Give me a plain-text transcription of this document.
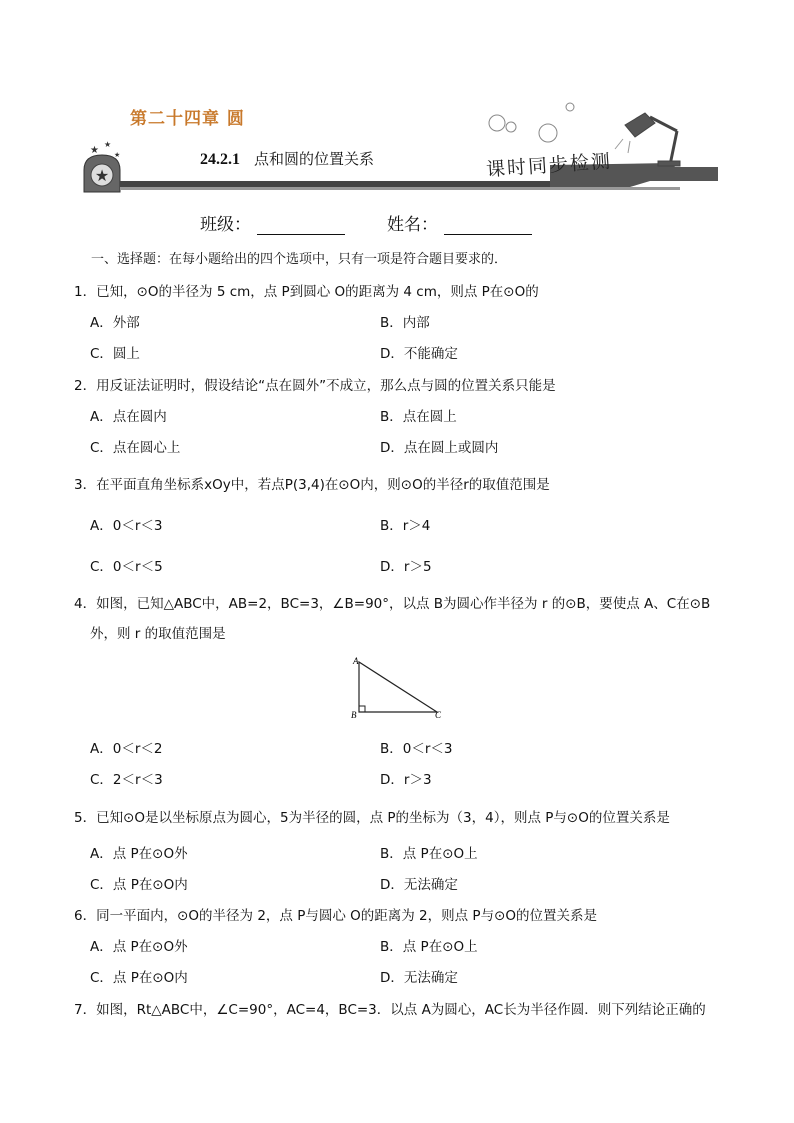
★
★
★
★
第二十四章 圆
24.2.1 点和圆的位置关系	课时同步检测
班级：	姓名：
一、选择题：在每小题给出的四个选项中，只有一项是符合题目要求的．
1．已知，⊙O的半径为 5 cm，点 P到圆心 O的距离为 4 cm，则点 P在⊙O的
A．外部	B．内部
C．圆上	D．不能确定
2．用反证法证明时，假设结论“点在圆外”不成立，那么点与圆的位置关系只能是
A．点在圆内	B．点在圆上
C．点在圆心上	D．点在圆上或圆内
3．在平面直角坐标系xOy中，若点P(3,4)在⊙O内，则⊙O的半径r的取值范围是
A．0＜r＜3	B．r＞4
C．0＜r＜5	D．r＞5
4．如图，已知△ABC中，AB=2，BC=3，∠B=90°，以点 B为圆心作半径为 r 的⊙B，要使点 A、C在⊙B
外，则 r 的取值范围是
A
B	C
A．0＜r＜2	B．0＜r＜3
C．2＜r＜3	D．r＞3
5．已知⊙O是以坐标原点为圆心，5为半径的圆，点 P的坐标为（3，4），则点 P与⊙O的位置关系是
A．点 P在⊙O外	B．点 P在⊙O上
C．点 P在⊙O内	D．无法确定
6．同一平面内，⊙O的半径为 2，点 P与圆心 O的距离为 2，则点 P与⊙O的位置关系是
A．点 P在⊙O外	B．点 P在⊙O上
C．点 P在⊙O内	D．无法确定
7．如图，Rt△ABC中，∠C=90°，AC=4，BC=3．以点 A为圆心，AC长为半径作圆．则下列结论正确的
